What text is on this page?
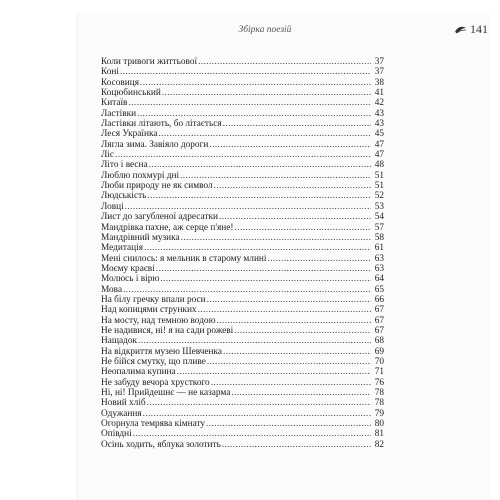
Збірка поезій	141
Коли тривоги життьової .....	37
Коні .....	37
Косовиця .....	38
Коцюбинський .....	41
Китаїв .....	42
Ластівки .....	43
Ластівки літають, бо літається .....	43
Леся Українка .....	45
Лягла зима. Завіяло дороги .....	47
Ліс .....	47
Літо і весна .....	48
Люблю похмурі дні .....	51
Люби природу не як символ .....	51
Людськість .....	52
Ловці .....	53
Лист до загубленої адресатки .....	54
Мандрівка пахне, аж серце п'яне! .....	57
Мандрівний музика .....	58
Медитація .....	61
Мені снилось: я мельник в старому млині .....	63
Моєму краєві .....	63
Молюсь і вірю .....	64
Мова .....	65
На білу гречку впали роси .....	66
Над копицями струнких .....	67
На мосту, над темною водою .....	67
Не надивися, ні! я на сади рожеві .....	67
Нащадок .....	68
На відкриття музею Шевченка .....	69
Не бійся смутку, що пливе .....	70
Неопалима купина .....	71
Не забуду вечора хрусткого .....	76
Ні, ні! Прийдешнє — не казарма .....	78
Новий хліб .....	78
Одужання .....	79
Огорнула темрява кімнату .....	80
Опівдні .....	81
Осінь ходить, яблука золотить .....	82
